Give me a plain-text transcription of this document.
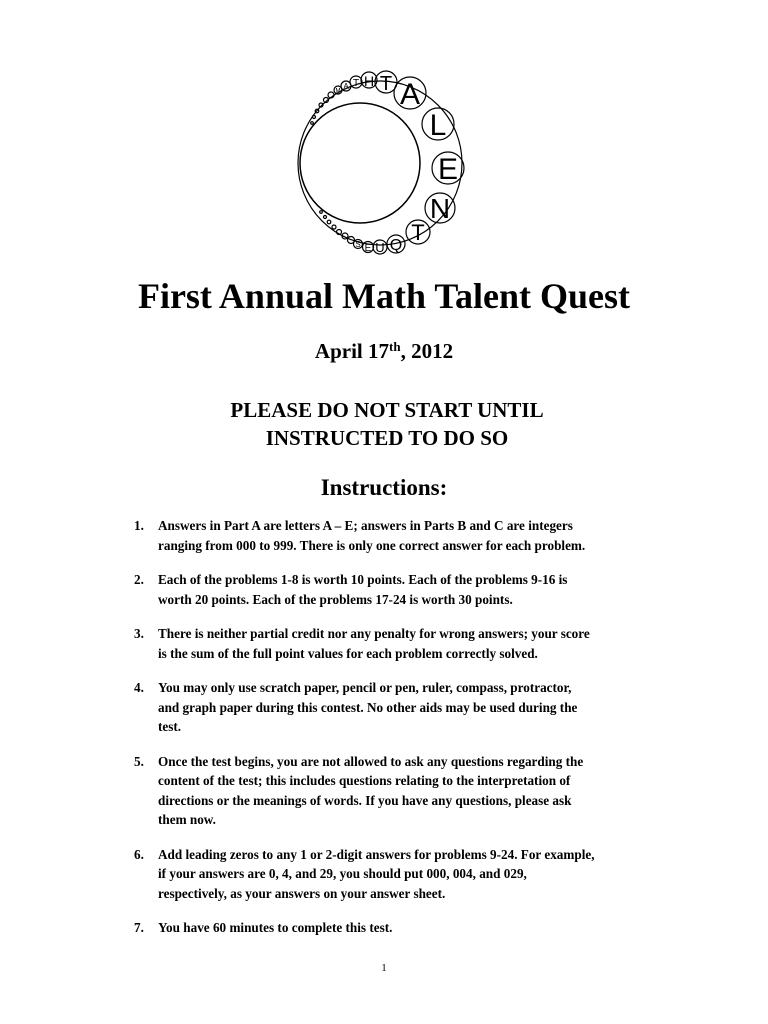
A
L
E
N
T
Q
U
E
S
T
H
T
A
M
First Annual Math Talent Quest
April 17th, 2012
PLEASE DO NOT START UNTIL
INSTRUCTED TO DO SO
Instructions:
1. Answers in Part A are letters A – E; answers in Parts B and C are integers
ranging from 000 to 999. There is only one correct answer for each problem.
2. Each of the problems 1-8 is worth 10 points. Each of the problems 9-16 is
worth 20 points. Each of the problems 17-24 is worth 30 points.
3. There is neither partial credit nor any penalty for wrong answers; your score
is the sum of the full point values for each problem correctly solved.
4. You may only use scratch paper, pencil or pen, ruler, compass, protractor,
and graph paper during this contest. No other aids may be used during the
test.
5. Once the test begins, you are not allowed to ask any questions regarding the
content of the test; this includes questions relating to the interpretation of
directions or the meanings of words. If you have any questions, please ask
them now.
6. Add leading zeros to any 1 or 2-digit answers for problems 9-24. For example,
if your answers are 0, 4, and 29, you should put 000, 004, and 029,
respectively, as your answers on your answer sheet.
7. You have 60 minutes to complete this test.
1
